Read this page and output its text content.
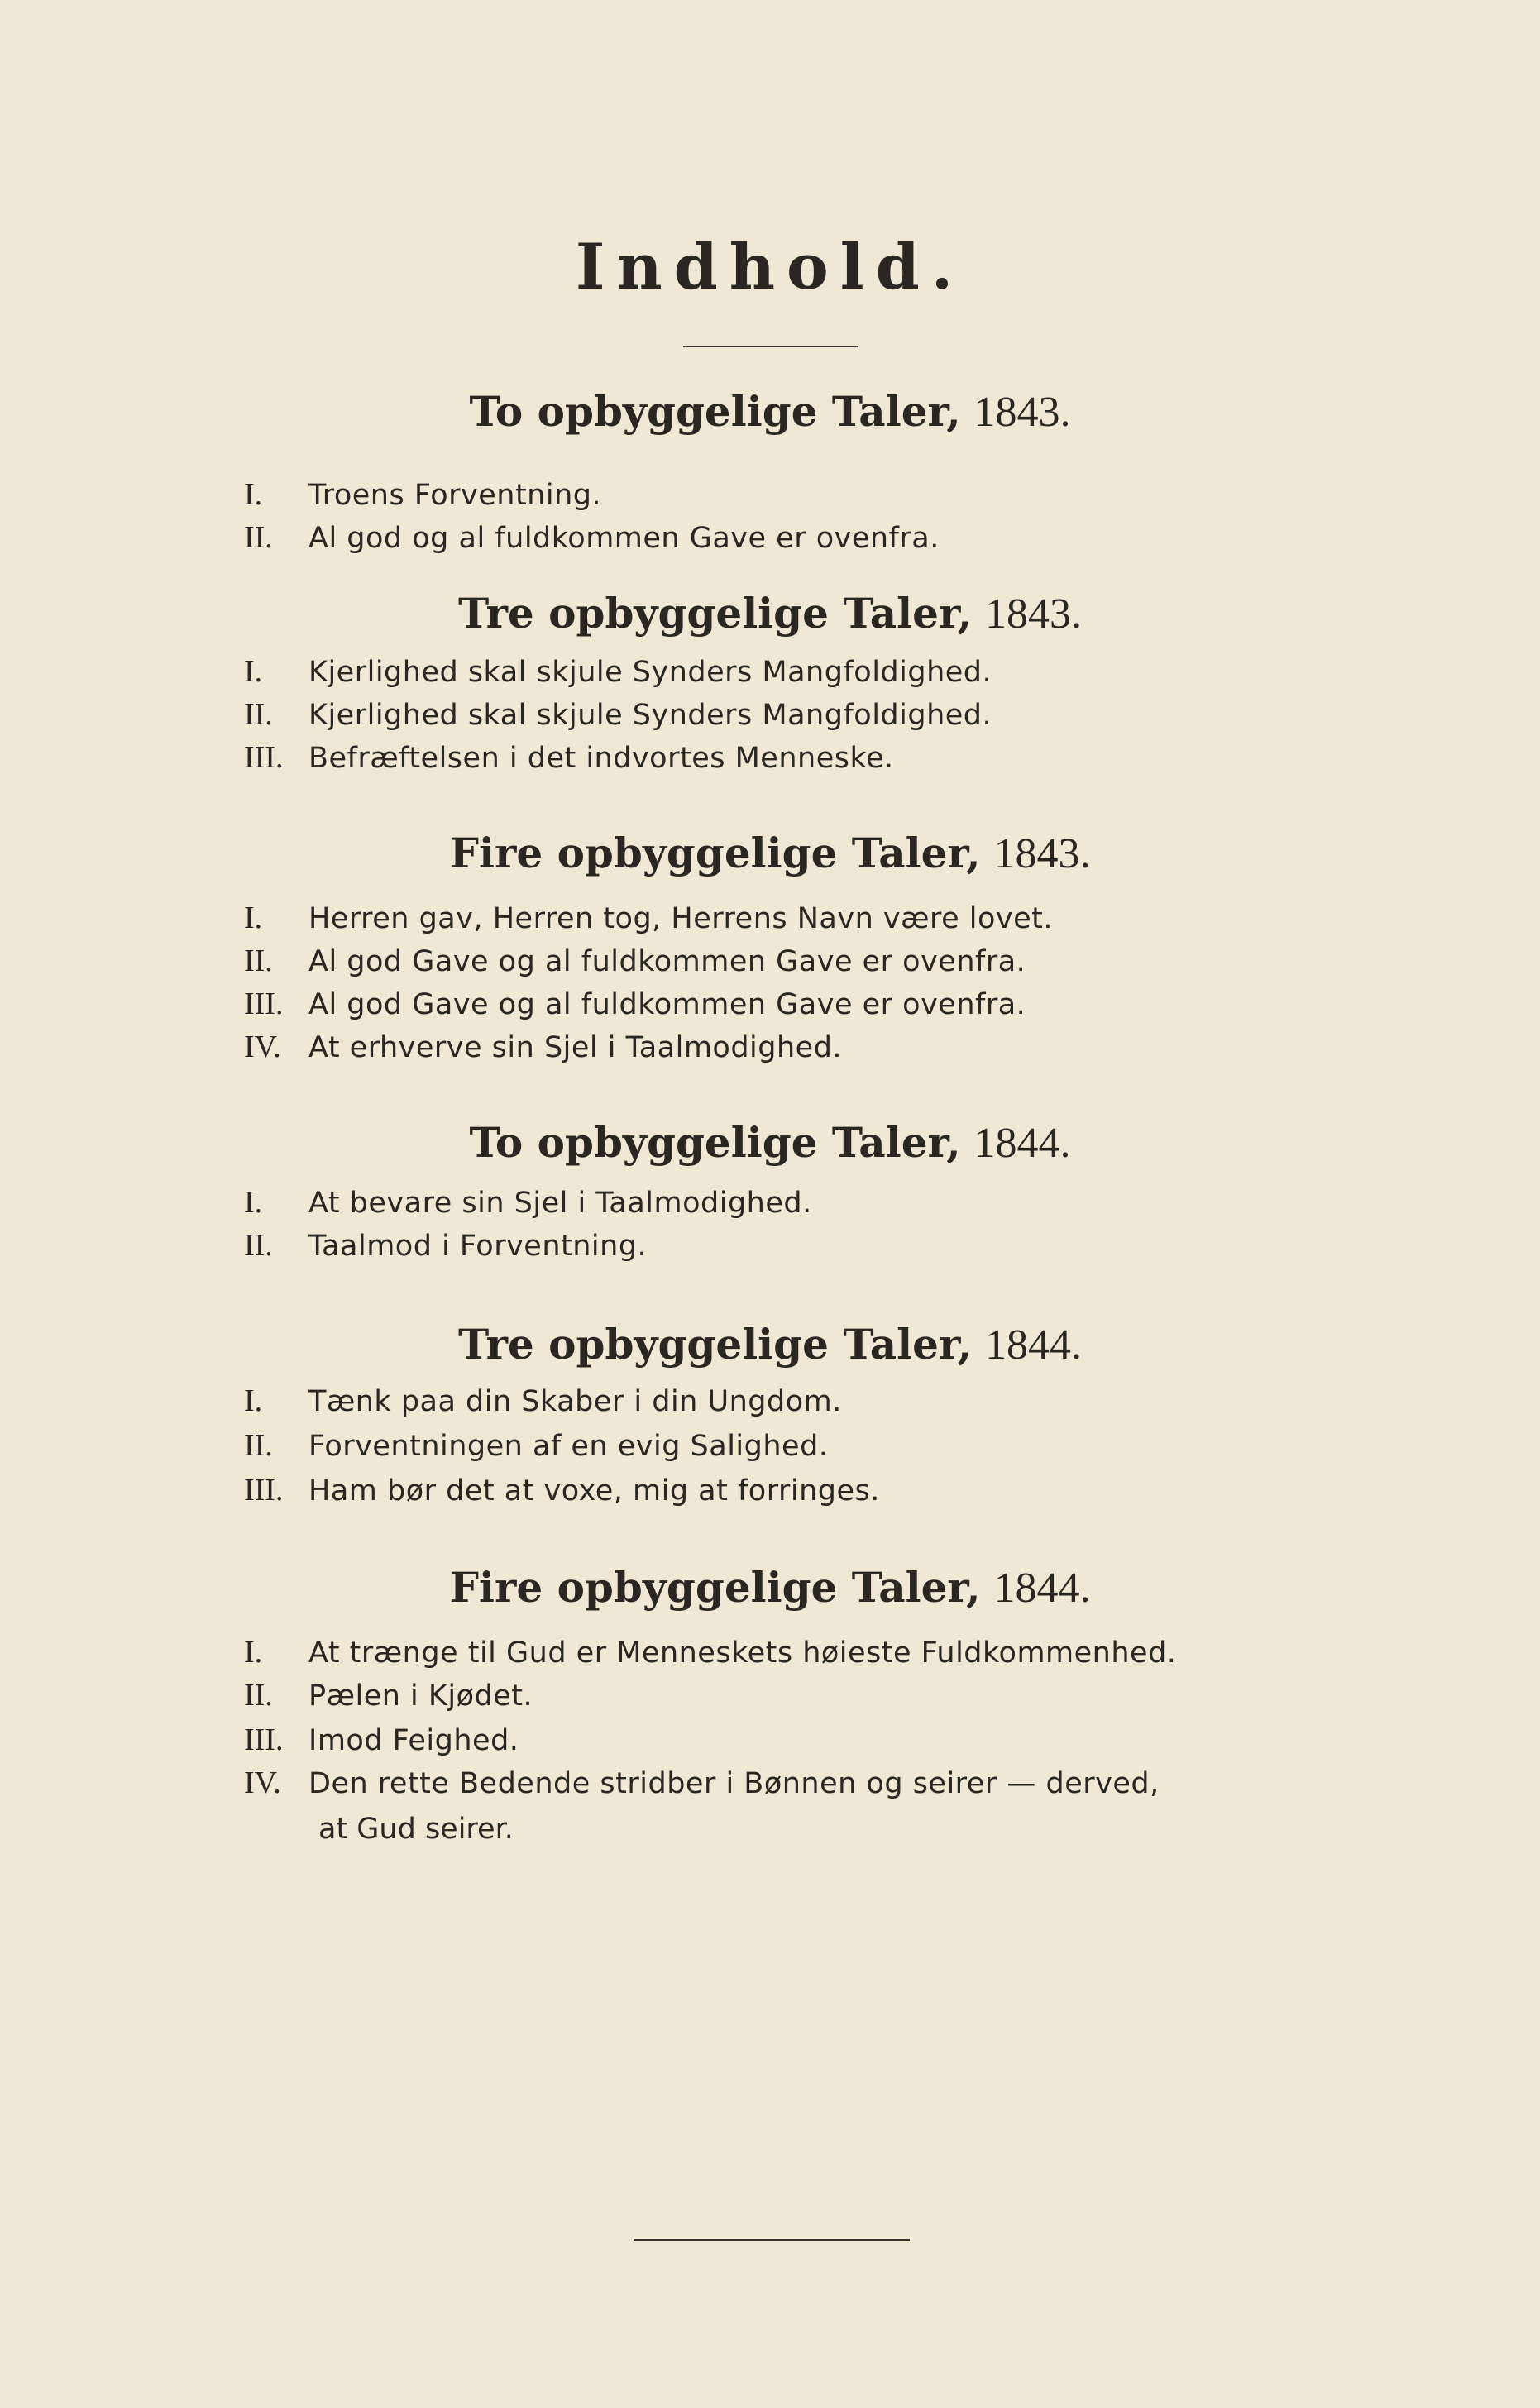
Indhold.
To opbyggelige Taler, 1843.
I. Troens Forventning.
II. Al god og al fuldkommen Gave er ovenfra.
Tre opbyggelige Taler, 1843.
I. Kjerlighed skal skjule Synders Mangfoldighed.
II. Kjerlighed skal skjule Synders Mangfoldighed.
III. Befræftelsen i det indvortes Menneske.
Fire opbyggelige Taler, 1843.
I. Herren gav, Herren tog, Herrens Navn være lovet.
II. Al god Gave og al fuldkommen Gave er ovenfra.
III. Al god Gave og al fuldkommen Gave er ovenfra.
IV. At erhverve sin Sjel i Taalmodighed.
To opbyggelige Taler, 1844.
I. At bevare sin Sjel i Taalmodighed.
II. Taalmod i Forventning.
Tre opbyggelige Taler, 1844.
I. Tænk paa din Skaber i din Ungdom.
II. Forventningen af en evig Salighed.
III. Ham bør det at voxe, mig at forringes.
Fire opbyggelige Taler, 1844.
I. At trænge til Gud er Menneskets høieste Fuldkommenhed.
II. Pælen i Kjødet.
III. Imod Feighed.
IV. Den rette Bedende stridber i Bønnen og seirer — derved,
at Gud seirer.
